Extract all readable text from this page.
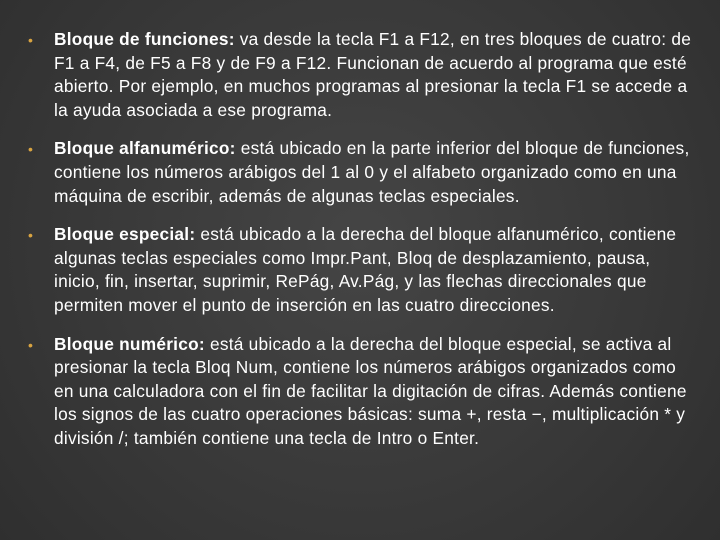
•	Bloque de funciones: va desde la tecla F1 a F12, en tres bloques de cuatro: de F1 a F4, de F5 a F8 y de F9 a F12. Funcionan de acuerdo al programa que esté abierto. Por ejemplo, en muchos programas al presionar la tecla F1 se accede a la ayuda asociada a ese programa.

•	Bloque alfanumérico: está ubicado en la parte inferior del bloque de funciones, contiene los números arábigos del 1 al 0 y el alfabeto organizado como en una máquina de escribir, además de algunas teclas especiales.

•	Bloque especial: está ubicado a la derecha del bloque alfanumérico, contiene algunas teclas especiales como Impr.Pant, Bloq de desplazamiento, pausa, inicio, fin, insertar, suprimir, RePág, Av.Pág, y las flechas direccionales que permiten mover el punto de inserción en las cuatro direcciones.

•	Bloque numérico: está ubicado a la derecha del bloque especial, se activa al presionar la tecla Bloq Num, contiene los números arábigos organizados como en una calculadora con el fin de facilitar la digitación de cifras. Además contiene los signos de las cuatro operaciones básicas: suma +, resta −, multiplicación * y división /; también contiene una tecla de Intro o Enter.
